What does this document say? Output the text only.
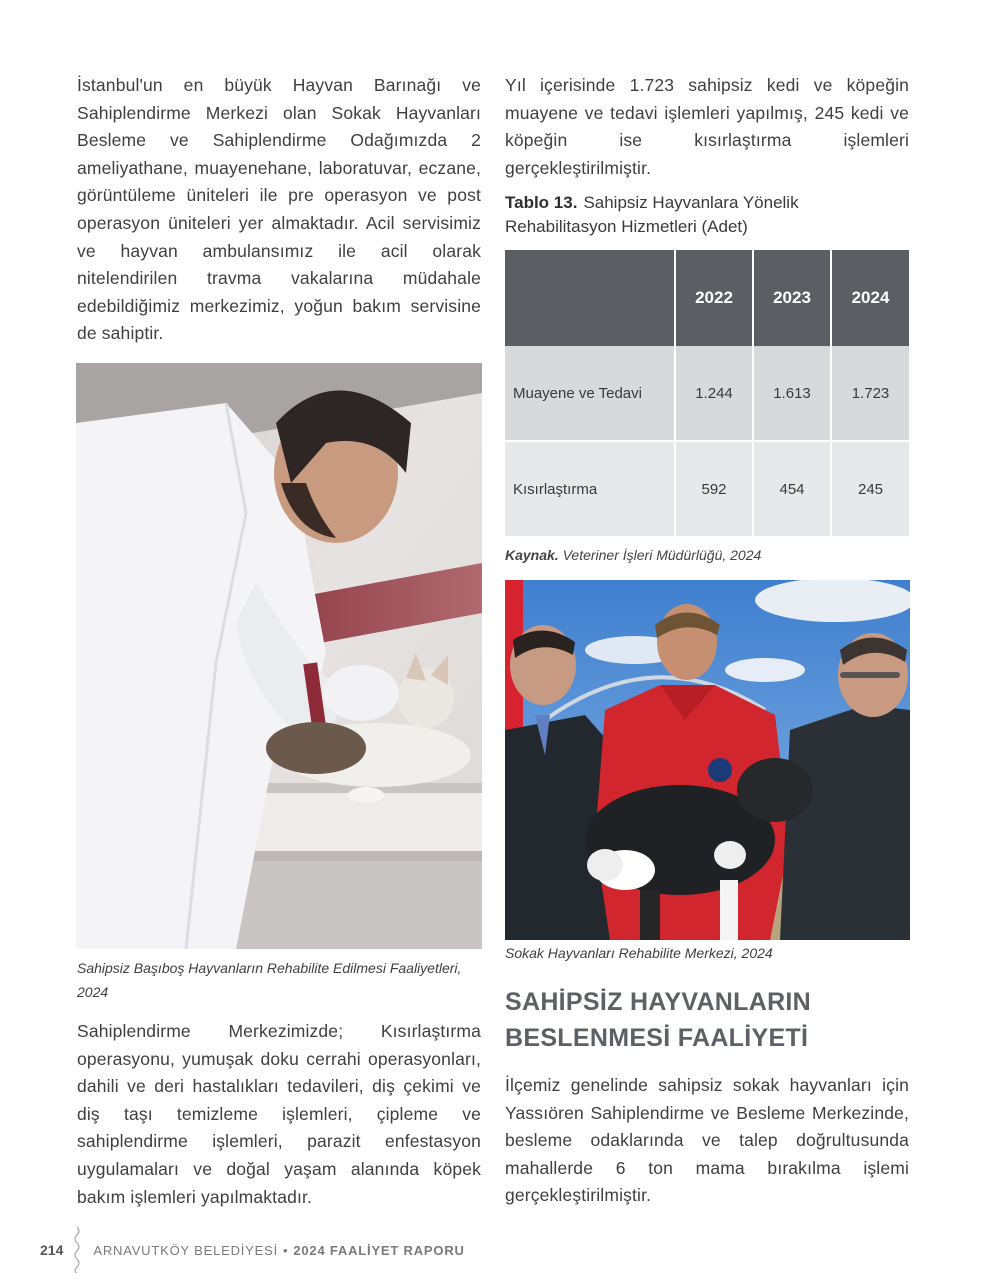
İstanbul'un en büyük Hayvan Barınağı ve Sahiplendirme Merkezi olan Sokak Hayvanları Besleme ve Sahiplendirme Odağımızda 2 ameliyathane, muayenehane, laboratuvar, eczane, görüntüleme üniteleri ile pre operasyon ve post operasyon üniteleri yer almaktadır. Acil servisimiz ve hayvan ambulansımız ile acil olarak nitelendirilen travma vakalarına müdahale edebildiğimiz merkezimiz, yoğun bakım servisine de sahiptir.

Yıl içerisinde 1.723 sahipsiz kedi ve köpeğin muayene ve tedavi işlemleri yapılmış, 245 kedi ve köpeğin ise kısırlaştırma işlemleri gerçekleştirilmiştir.

Tablo 13. Sahipsiz Hayvanlara Yönelik Rehabilitasyon Hizmetleri (Adet)

	2022	2023	2024
Muayene ve Tedavi	1.244	1.613	1.723
Kısırlaştırma	592	454	245

Kaynak. Veteriner İşleri Müdürlüğü, 2024

Sahipsiz Başıboş Hayvanların Rehabilite Edilmesi Faaliyetleri, 2024

Sokak Hayvanları Rehabilite Merkezi, 2024

SAHİPSİZ HAYVANLARIN
BESLENMESİ FAALİYETİ

Sahiplendirme Merkezimizde; Kısırlaştırma operasyonu, yumuşak doku cerrahi operasyonları, dahili ve deri hastalıkları tedavileri, diş çekimi ve diş taşı temizleme işlemleri, çipleme ve sahiplendirme işlemleri, parazit enfestasyon uygulamaları ve doğal yaşam alanında köpek bakım işlemleri yapılmaktadır.

İlçemiz genelinde sahipsiz sokak hayvanları için Yassıören Sahiplendirme ve Besleme Merkezinde, besleme odaklarında ve talep doğrultusunda mahallerde 6 ton mama bırakılma işlemi gerçekleştirilmiştir.

214 ARNAVUTKÖY BELEDİYESİ • 2024 FAALİYET RAPORU
